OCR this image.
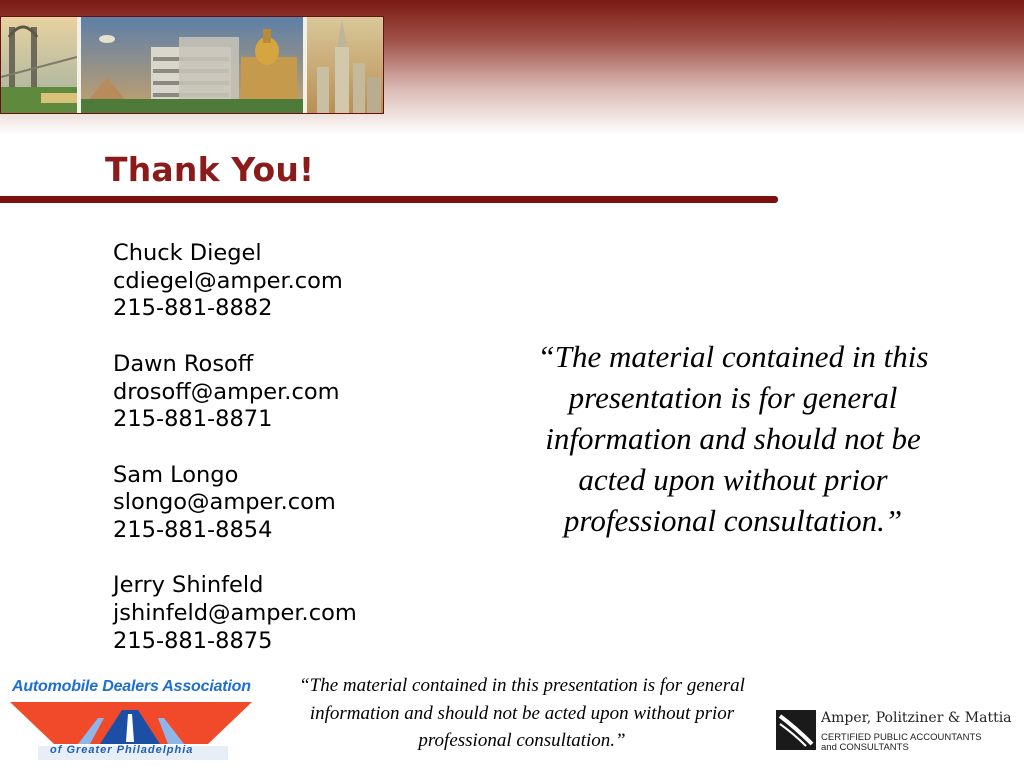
Thank You!
Chuck Diegel
cdiegel@amper.com
215-881-8882
Dawn Rosoff
drosoff@amper.com
215-881-8871
Sam Longo
slongo@amper.com
215-881-8854
Jerry Shinfeld
jshinfeld@amper.com
215-881-8875
“The material contained in this presentation is for general information and should not be acted upon without prior professional consultation.”
“The material contained in this presentation is for general information and should not be acted upon without prior professional consultation.”
Automobile Dealers Association
of Greater Philadelphia
Amper, Politziner & Mattia
CERTIFIED PUBLIC ACCOUNTANTS
and CONSULTANTS
